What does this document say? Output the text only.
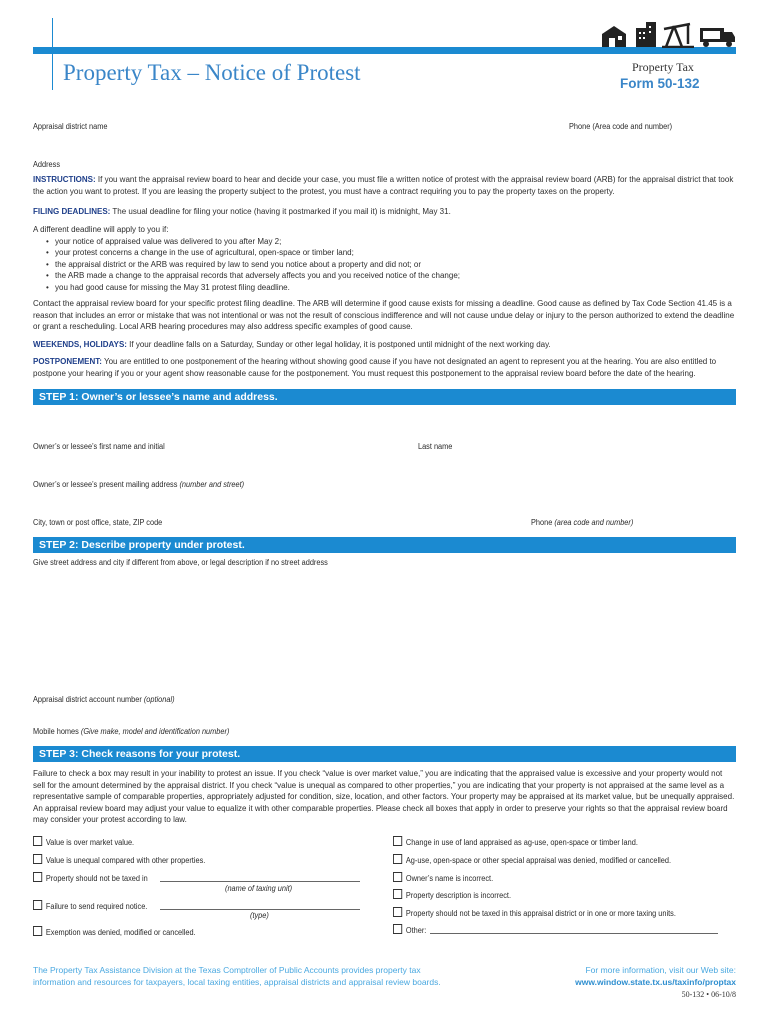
Property Tax – Notice of Protest	Property Tax
Form 50-132
Appraisal district name	Phone (Area code and number)
Address
INSTRUCTIONS: If you want the appraisal review board to hear and decide your case, you must file a written notice of protest with the appraisal review board (ARB) for the appraisal district that took the action you want to protest. If you are leasing the property subject to the protest, you must have a contract requiring you to pay the property taxes on the property.
FILING DEADLINES: The usual deadline for filing your notice (having it postmarked if you mail it) is midnight, May 31.
A different deadline will apply to you if:
• your notice of appraised value was delivered to you after May 2;
• your protest concerns a change in the use of agricultural, open-space or timber land;
• the appraisal district or the ARB was required by law to send you notice about a property and did not; or
• the ARB made a change to the appraisal records that adversely affects you and you received notice of the change;
• you had good cause for missing the May 31 protest filing deadline.
Contact the appraisal review board for your specific protest filing deadline. The ARB will determine if good cause exists for missing a deadline. Good cause as defined by Tax Code Section 41.45 is a reason that includes an error or mistake that was not intentional or was not the result of conscious indifference and will not cause undue delay or injury to the person authorized to extend the deadline or grant a rescheduling. Local ARB hearing procedures may also address specific examples of good cause.
WEEKENDS, HOLIDAYS: If your deadline falls on a Saturday, Sunday or other legal holiday, it is postponed until midnight of the next working day.
POSTPONEMENT: You are entitled to one postponement of the hearing without showing good cause if you have not designated an agent to represent you at the hearing. You are also entitled to postpone your hearing if you or your agent show reasonable cause for the postponement. You must request this postponement to the appraisal review board before the date of the hearing.
STEP 1: Owner’s or lessee’s name and address.
Owner’s or lessee’s first name and initial	Last name
Owner’s or lessee’s present mailing address (number and street)
City, town or post office, state, ZIP code	Phone (area code and number)
STEP 2: Describe property under protest.
Give street address and city if different from above, or legal description if no street address
Appraisal district account number (optional)
Mobile homes (Give make, model and identification number)
STEP 3: Check reasons for your protest.
Failure to check a box may result in your inability to protest an issue. If you check “value is over market value,” you are indicating that the appraised value is excessive and your property would not sell for the amount determined by the appraisal district. If you check “value is unequal as compared to other properties,” you are indicating that your property is not appraised at the same level as a representative sample of comparable properties, appropriately adjusted for condition, size, location, and other factors. Your property may be appraised at its market value, but be unequally appraised. An appraisal review board may adjust your value to equalize it with other comparable properties. Please check all boxes that apply in order to preserve your rights so that the appraisal review board may consider your protest according to law.
Value is over market value.
Value is unequal compared with other properties.
Property should not be taxed in
(name of taxing unit)
Failure to send required notice.
(type)
Exemption was denied, modified or cancelled.
Change in use of land appraised as ag-use, open-space or timber land.
Ag-use, open-space or other special appraisal was denied, modified or cancelled.
Owner’s name is incorrect.
Property description is incorrect.
Property should not be taxed in this appraisal district or in one or more taxing units.
Other:
The Property Tax Assistance Division at the Texas Comptroller of Public Accounts provides property tax
information and resources for taxpayers, local taxing entities, appraisal districts and appraisal review boards.
For more information, visit our Web site:
www.window.state.tx.us/taxinfo/proptax
50-132 • 06-10/8
